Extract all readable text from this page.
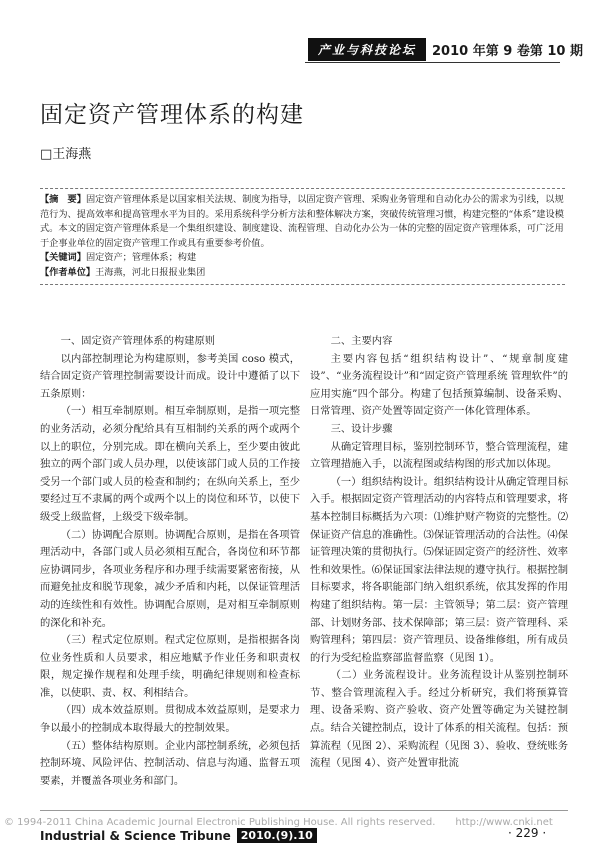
产业与科技论坛	2010 年第 9 卷第 10 期
固定资产管理体系的构建
□王海燕

【摘　要】固定资产管理体系是以国家相关法规、制度为指导，以固定资产管理、采购业务管理和自动化办公的需求为引线，以规范行为、提高效率和提高管理水平为目的。采用系统科学分析方法和整体解决方案，突破传统管理习惯，构建完整的“体系”建设模式。本文的固定资产管理体系是一个集组织建设、制度建设、流程管理、自动化办公为一体的完整的固定资产管理体系，可广泛用于企事业单位的固定资产管理工作或具有重要参考价值。

【关键词】固定资产；管理体系；构建

【作者单位】王海燕，河北日报报业集团

一、固定资产管理体系的构建原则

以内部控制理论为构建原则，参考美国 coso 模式，结合固定资产管理控制需要设计而成。设计中遵循了以下五条原则：

（一）相互牵制原则。相互牵制原则，是指一项完整的业务活动，必须分配给具有互相制约关系的两个或两个以上的职位，分别完成。即在横向关系上，至少要由彼此独立的两个部门或人员办理，以使该部门或人员的工作接受另一个部门或人员的检查和制约；在纵向关系上，至少要经过互不隶属的两个或两个以上的岗位和环节，以使下级受上级监督，上级受下级牵制。

（二）协调配合原则。协调配合原则，是指在各项管理活动中，各部门或人员必须相互配合，各岗位和环节都应协调同步，各项业务程序和办理手续需要紧密衔接，从而避免扯皮和脱节现象，减少矛盾和内耗，以保证管理活动的连续性和有效性。协调配合原则，是对相互牵制原则的深化和补充。

（三）程式定位原则。程式定位原则，是指根据各岗位业务性质和人员要求，相应地赋予作业任务和职责权限，规定操作规程和处理手续，明确纪律规则和检查标准，以使职、责、权、利相结合。

（四）成本效益原则。贯彻成本效益原则，是要求力争以最小的控制成本取得最大的控制效果。

（五）整体结构原则。企业内部控制系统，必须包括控制环境、风险评估、控制活动、信息与沟通、监督五项要素，并覆盖各项业务和部门。

二、主要内容

主要内容包括“组织结构设计”、“规章制度建设”、“业务流程设计”和“固定资产管理系统 管理软件”的应用实施”四个部分。构建了包括预算编制、设备采购、日常管理、资产处置等固定资产一体化管理体系。

三、设计步骤

从确定管理目标，鉴别控制环节，整合管理流程，建立管理措施入手，以流程图或结构图的形式加以体现。

（一）组织结构设计。组织结构设计从确定管理目标入手。根据固定资产管理活动的内容特点和管理要求，将基本控制目标概括为六项：⑴维护财产物资的完整性。⑵保证资产信息的准确性。⑶保证管理活动的合法性。⑷保证管理决策的贯彻执行。⑸保证固定资产的经济性、效率性和效果性。⑹保证国家法律法规的遵守执行。根据控制目标要求，将各职能部门纳入组织系统，依其发挥的作用构建了组织结构。第一层：主管领导；第二层：资产管理部、计划财务部、技术保障部；第三层：资产管理科、采购管理科；第四层：资产管理员、设备维修组，所有成员的行为受纪检监察部监督监察（见图 1）。

（二）业务流程设计。业务流程设计从鉴别控制环节、整合管理流程入手。经过分析研究，我们将预算管理、设备采购、资产验收、资产处置等确定为关键控制点。结合关键控制点，设计了体系的相关流程。包括：预算流程（见图 2）、采购流程（见图 3）、验收、登统账务流程（见图 4）、资产处置审批流

© 1994-2011 China Academic Journal Electronic Publishing House. All rights reserved.　　http://www.cnki.net
Industrial & Science Tribune 2010.(9).10	· 229 ·
